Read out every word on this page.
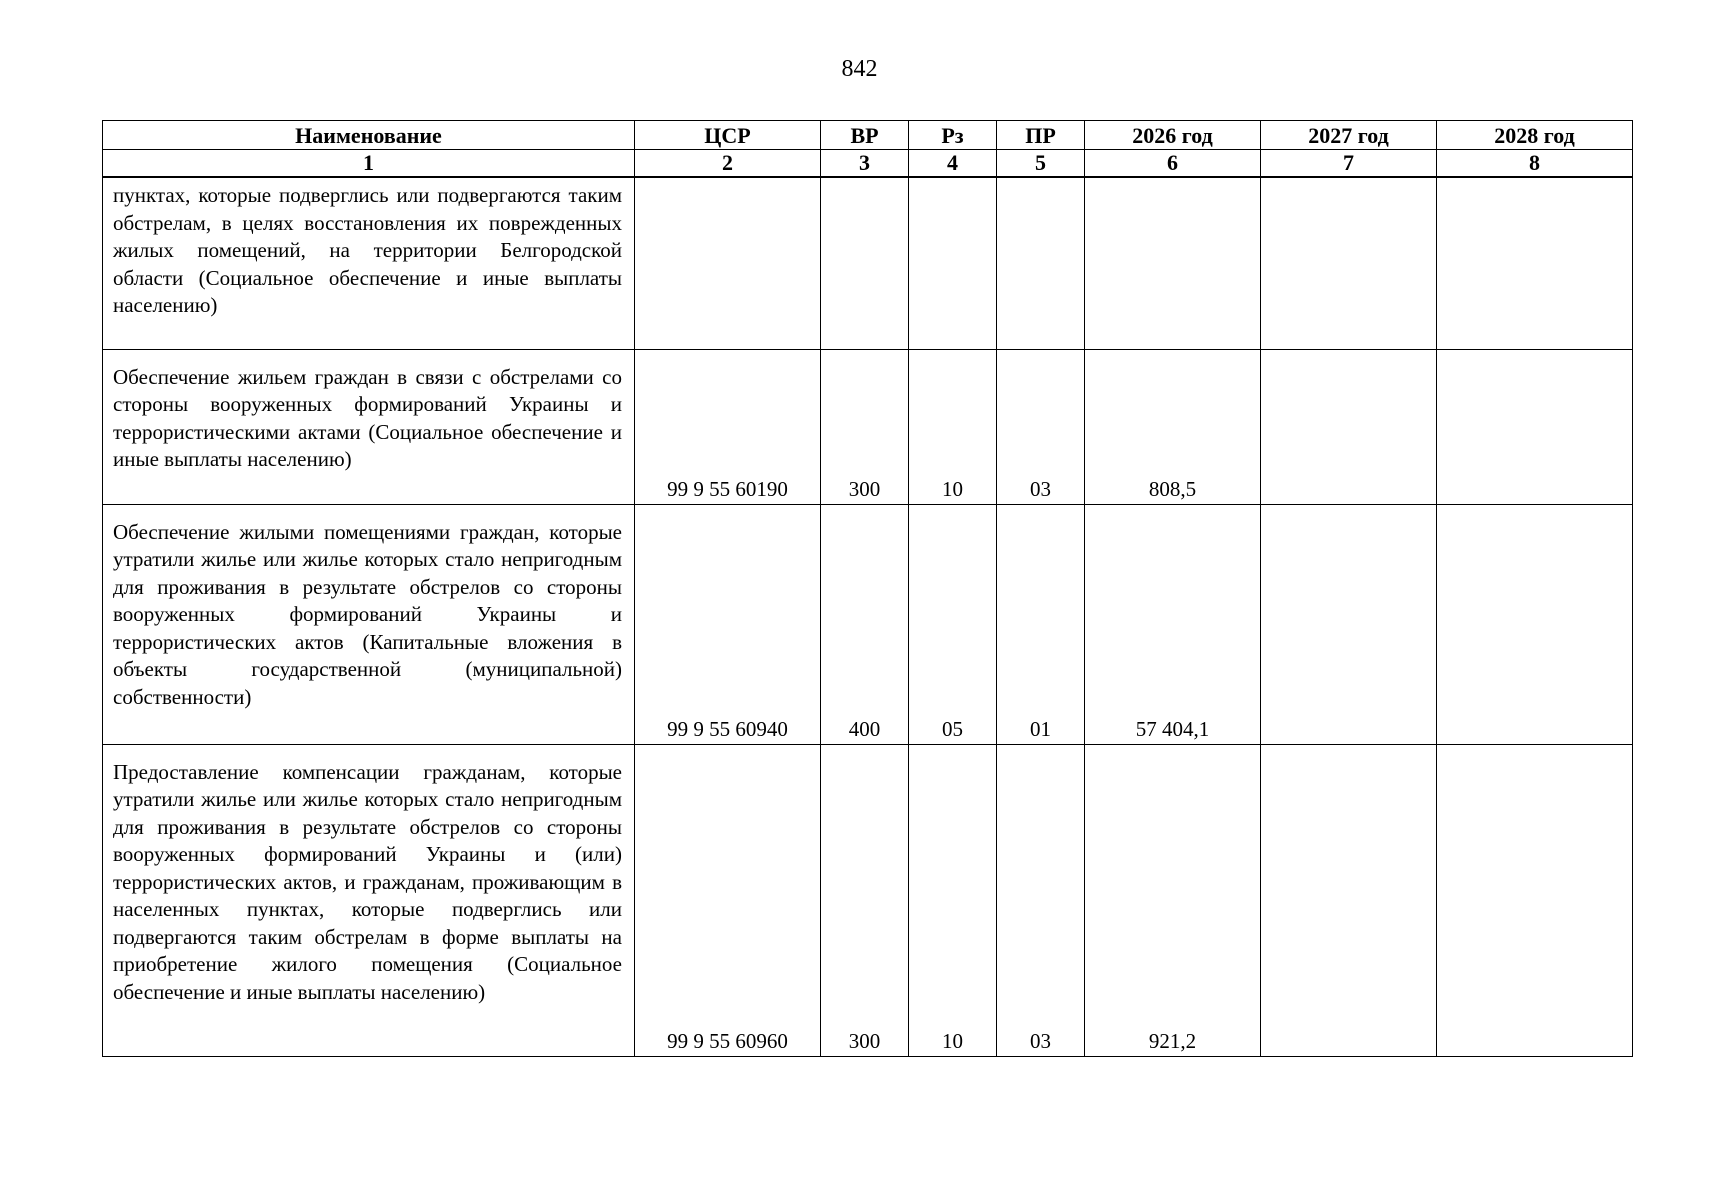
842
Наименование	ЦСР	ВР	Рз	ПР	2026 год	2027 год	2028 год
1	2	3	4	5	6	7	8

пунктах, которые подверглись или подвергаются таким обстрелам, в целях восстановления их поврежденных жилых помещений, на территории Белгородской области (Социальное обеспечение и иные выплаты населению)							

Обеспечение жильем граждан в связи с обстрелами со стороны вооруженных формирований Украины и террористическими актами (Социальное обеспечение и иные выплаты населению)	99 9 55 60190	300	10	03	808,5		

Обеспечение жилыми помещениями граждан, которые утратили жилье или жилье которых стало непригодным для проживания в результате обстрелов со стороны вооруженных формирований Украины и террористических актов (Капитальные вложения в объекты государственной (муниципальной) собственности)	99 9 55 60940	400	05	01	57 404,1		

Предоставление компенсации гражданам, которые утратили жилье или жилье которых стало непригодным для проживания в результате обстрелов со стороны вооруженных формирований Украины и (или) террористических актов, и гражданам, проживающим в населенных пунктах, которые подверглись или подвергаются таким обстрелам в форме выплаты на приобретение жилого помещения (Социальное обеспечение и иные выплаты населению)	99 9 55 60960	300	10	03	921,2		
